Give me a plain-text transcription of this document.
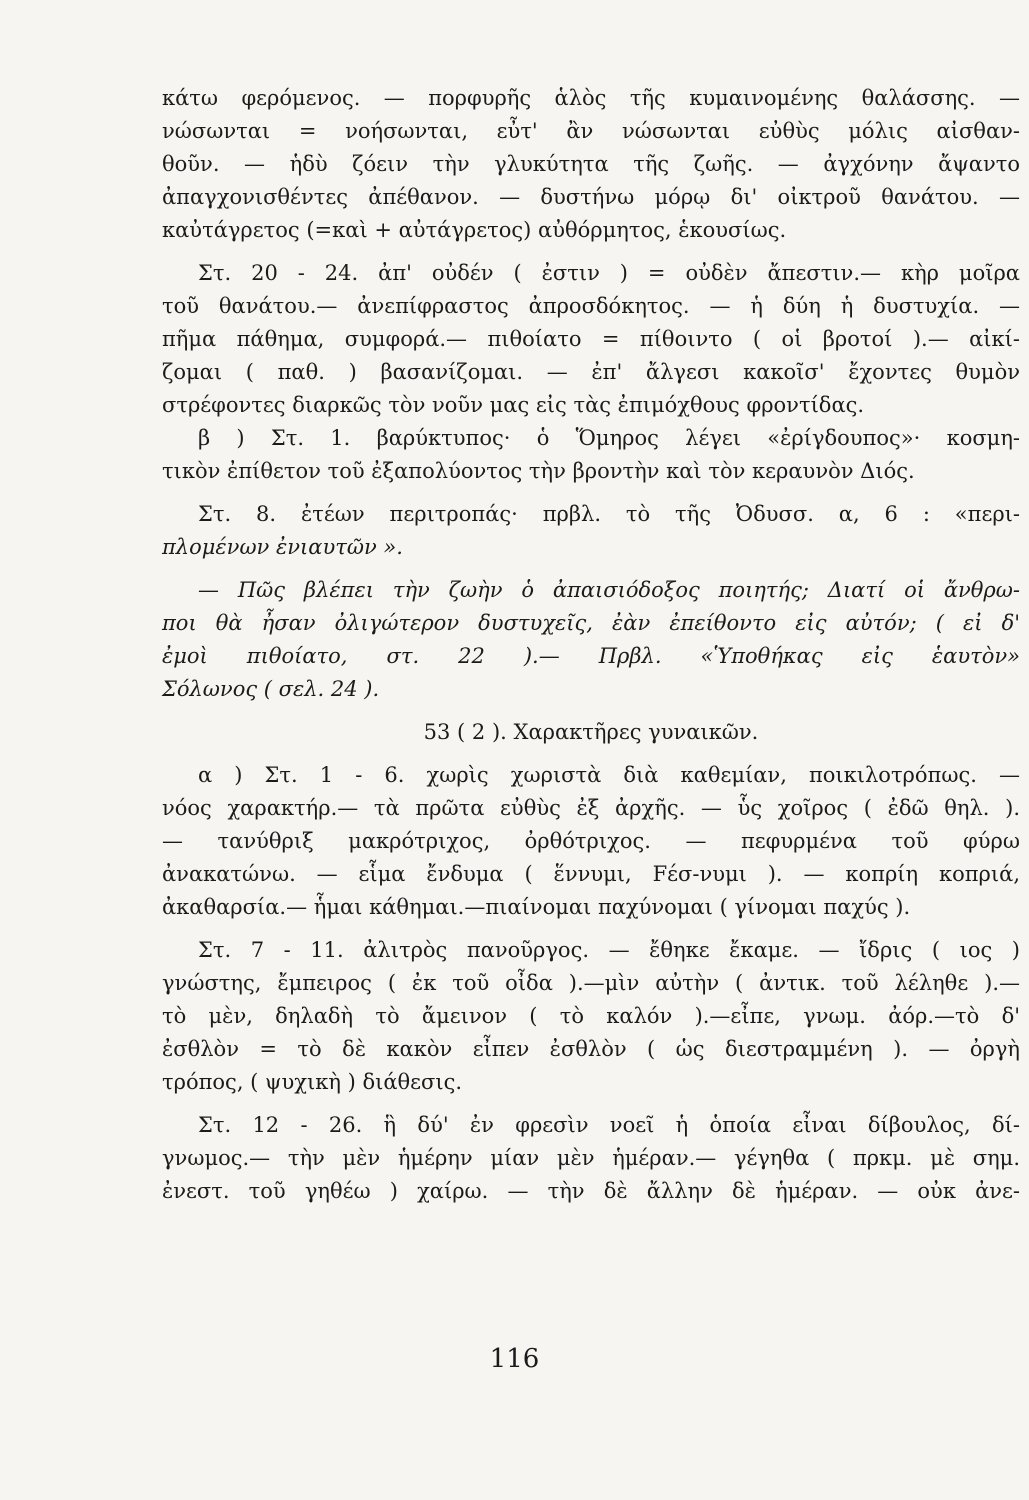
κάτω φερόμενος. — πορφυρῆς ἁλὸς τῆς κυμαινομένης θαλάσσης. —
νώσωνται = νοήσωνται, εὖτ' ἂν νώσωνται εὐθὺς μόλις αἰσθαν-
θοῦν. — ἡδὺ ζόειν τὴν γλυκύτητα τῆς ζωῆς. — ἀγχόνην ἄψαντο
ἀπαγχονισθέντες ἀπέθανον. — δυστήνω μόρῳ δι' οἰκτροῦ θανάτου. —
καὐτάγρετος (=καὶ + αὐτάγρετος) αὐθόρμητος, ἑκουσίως.
Στ. 20 - 24. ἀπ' οὐδέν ( ἐστιν ) = οὐδὲν ἄπεστιν.— κὴρ μοῖρα
τοῦ θανάτου.— ἀνεπίφραστος ἀπροσδόκητος. — ἡ δύη ἡ δυστυχία. —
πῆμα πάθημα, συμφορά.— πιθοίατο = πίθοιντο ( οἱ βροτοί ).— αἰκί-
ζομαι ( παθ. ) βασανίζομαι. — ἐπ' ἄλγεσι κακοῖσ' ἔχοντες θυμὸν
στρέφοντες διαρκῶς τὸν νοῦν μας εἰς τὰς ἐπιμόχθους φροντίδας.
β ) Στ. 1. βαρύκτυπος· ὁ Ὅμηρος λέγει «ἐρίγδουπος»· κοσμη-
τικὸν ἐπίθετον τοῦ ἐξαπολύοντος τὴν βροντὴν καὶ τὸν κεραυνὸν Διός.
Στ. 8. ἐτέων περιτροπάς· πρβλ. τὸ τῆς Ὀδυσσ. α, 6 : «περι-
πλομένων ἐνιαυτῶν ».
— Πῶς βλέπει τὴν ζωὴν ὁ ἀπαισιόδοξος ποιητής; Διατί οἱ ἄνθρω-
ποι θὰ ἦσαν ὀλιγώτερον δυστυχεῖς, ἐὰν ἐπείθοντο εἰς αὐτόν; ( εἰ δ'
ἐμοὶ πιθοίατο, στ. 22 ).— Πρβλ. «Ὑποθήκας εἰς ἑαυτὸν»
Σόλωνος ( σελ. 24 ).
53 ( 2 ). Χαρακτῆρες γυναικῶν.
α ) Στ. 1 - 6. χωρὶς χωριστὰ διὰ καθεμίαν, ποικιλοτρόπως. —
νόος χαρακτήρ.— τὰ πρῶτα εὐθὺς ἐξ ἀρχῆς. — ὗς χοῖρος ( ἐδῶ θηλ. ).
— τανύθριξ μακρότριχος, ὀρθότριχος. — πεφυρμένα τοῦ φύρω
ἀνακατώνω. — εἷμα ἔνδυμα ( ἕννυμι, Fέσ-νυμι ). — κοπρίη κοπριά,
ἀκαθαρσία.— ἧμαι κάθημαι.—πιαίνομαι παχύνομαι ( γίνομαι παχύς ).
Στ. 7 - 11. ἀλιτρὸς πανοῦργος. — ἔθηκε ἔκαμε. — ἴδρις ( ιος )
γνώστης, ἔμπειρος ( ἐκ τοῦ οἶδα ).—μὶν αὐτὴν ( ἀντικ. τοῦ λέληθε ).—
τὸ μὲν, δηλαδὴ τὸ ἄμεινον ( τὸ καλόν ).—εἶπε, γνωμ. ἀόρ.—τὸ δ'
ἐσθλὸν = τὸ δὲ κακὸν εἶπεν ἐσθλὸν ( ὡς διεστραμμένη ). — ὀργὴ
τρόπος, ( ψυχικὴ ) διάθεσις.
Στ. 12 - 26. ἣ δύ' ἐν φρεσὶν νοεῖ ἡ ὁποία εἶναι δίβουλος, δί-
γνωμος.— τὴν μὲν ἡμέρην μίαν μὲν ἡμέραν.— γέγηθα ( πρκμ. μὲ σημ.
ἐνεστ. τοῦ γηθέω ) χαίρω. — τὴν δὲ ἄλλην δὲ ἡμέραν. — οὐκ ἀνε-
116
